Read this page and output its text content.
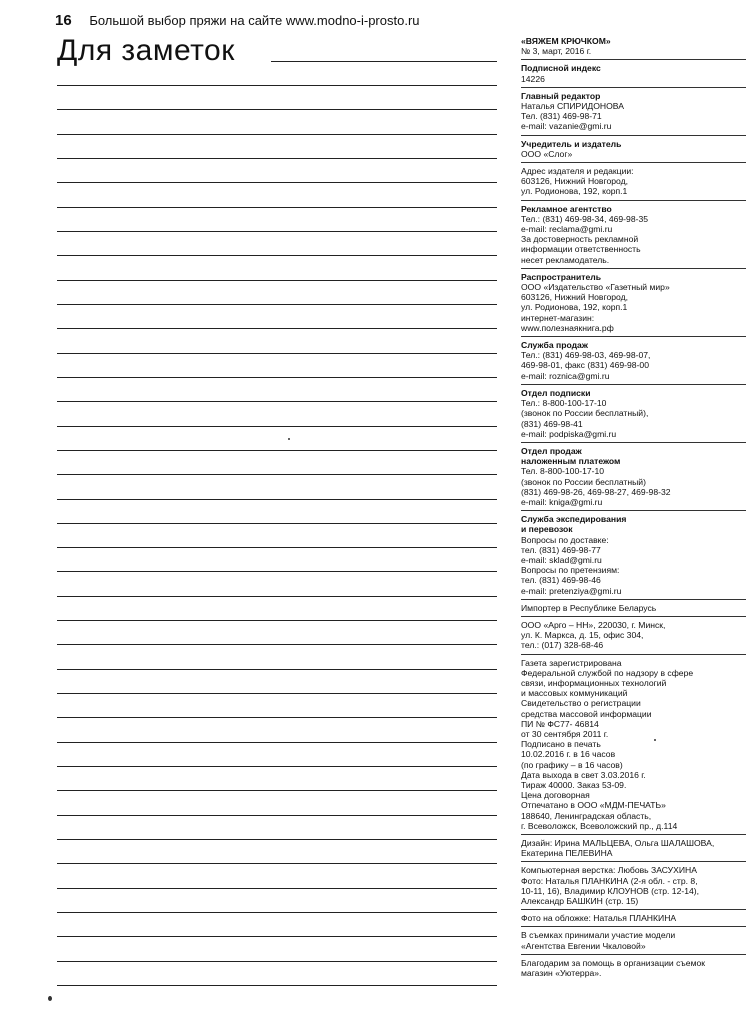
16 Большой выбор пряжи на сайте www.modno-i-prosto.ru
Для заметок	«ВЯЖЕМ КРЮЧКОМ»
№ 3, март, 2016 г.
Подписной индекс
14226
Главный редактор
Наталья СПИРИДОНОВА
Тел. (831) 469-98-71
e-mail: vazanie@gmi.ru
Учредитель и издатель
ООО «Слог»
Адрес издателя и редакции:
603126, Нижний Новгород,
ул. Родионова, 192, корп.1
Рекламное агентство
Тел.: (831) 469-98-34, 469-98-35
e-mail: reclama@gmi.ru
За достоверность рекламной
информации ответственность
несет рекламодатель.
Распространитель
ООО «Издательство «Газетный мир»
603126, Нижний Новгород,
ул. Родионова, 192, корп.1
интернет-магазин:
www.полезнаякнига.рф
Служба продаж
Тел.: (831) 469-98-03, 469-98-07,
469-98-01, факс (831) 469-98-00
e-mail: roznica@gmi.ru
Отдел подписки
Тел.: 8-800-100-17-10
(звонок по России бесплатный),
(831) 469-98-41
e-mail: podpiska@gmi.ru
Отдел продаж
наложенным платежом
Тел. 8-800-100-17-10
(звонок по России бесплатный)
(831) 469-98-26, 469-98-27, 469-98-32
e-mail: kniga@gmi.ru
Служба экспедирования
и перевозок
Вопросы по доставке:
тел. (831) 469-98-77
e-mail: sklad@gmi.ru
Вопросы по претензиям:
тел. (831) 469-98-46
e-mail: pretenziya@gmi.ru
Импортер в Республике Беларусь
ООО «Арго – НН», 220030, г. Минск,
ул. К. Маркса, д. 15, офис 304,
тел.: (017) 328-68-46
Газета зарегистрирована
Федеральной службой по надзору в сфере
связи, информационных технологий
и массовых коммуникаций
Свидетельство о регистрации
средства массовой информации
ПИ № ФС77- 46814
от 30 сентября 2011 г.
Подписано в печать
10.02.2016 г. в 16 часов
(по графику – в 16 часов)
Дата выхода в свет 3.03.2016 г.
Тираж 40000. Заказ 53-09.
Цена договорная
Отпечатано в ООО «МДМ-ПЕЧАТЬ»
188640, Ленинградская область,
г. Всеволожск, Всеволожский пр., д.114
Дизайн: Ирина МАЛЬЦЕВА, Ольга ШАЛАШОВА,
Екатерина ПЕЛЕВИНА
Компьютерная верстка: Любовь ЗАСУХИНА
Фото: Наталья ПЛАНКИНА (2-я обл. - стр. 8,
10-11, 16), Владимир КЛОУНОВ (стр. 12-14),
Александр БАШКИН (стр. 15)
Фото на обложке: Наталья ПЛАНКИНА
В съемках принимали участие модели
«Агентства Евгении Чкаловой»
Благодарим за помощь в организации съемок
магазин «Уютерра».
